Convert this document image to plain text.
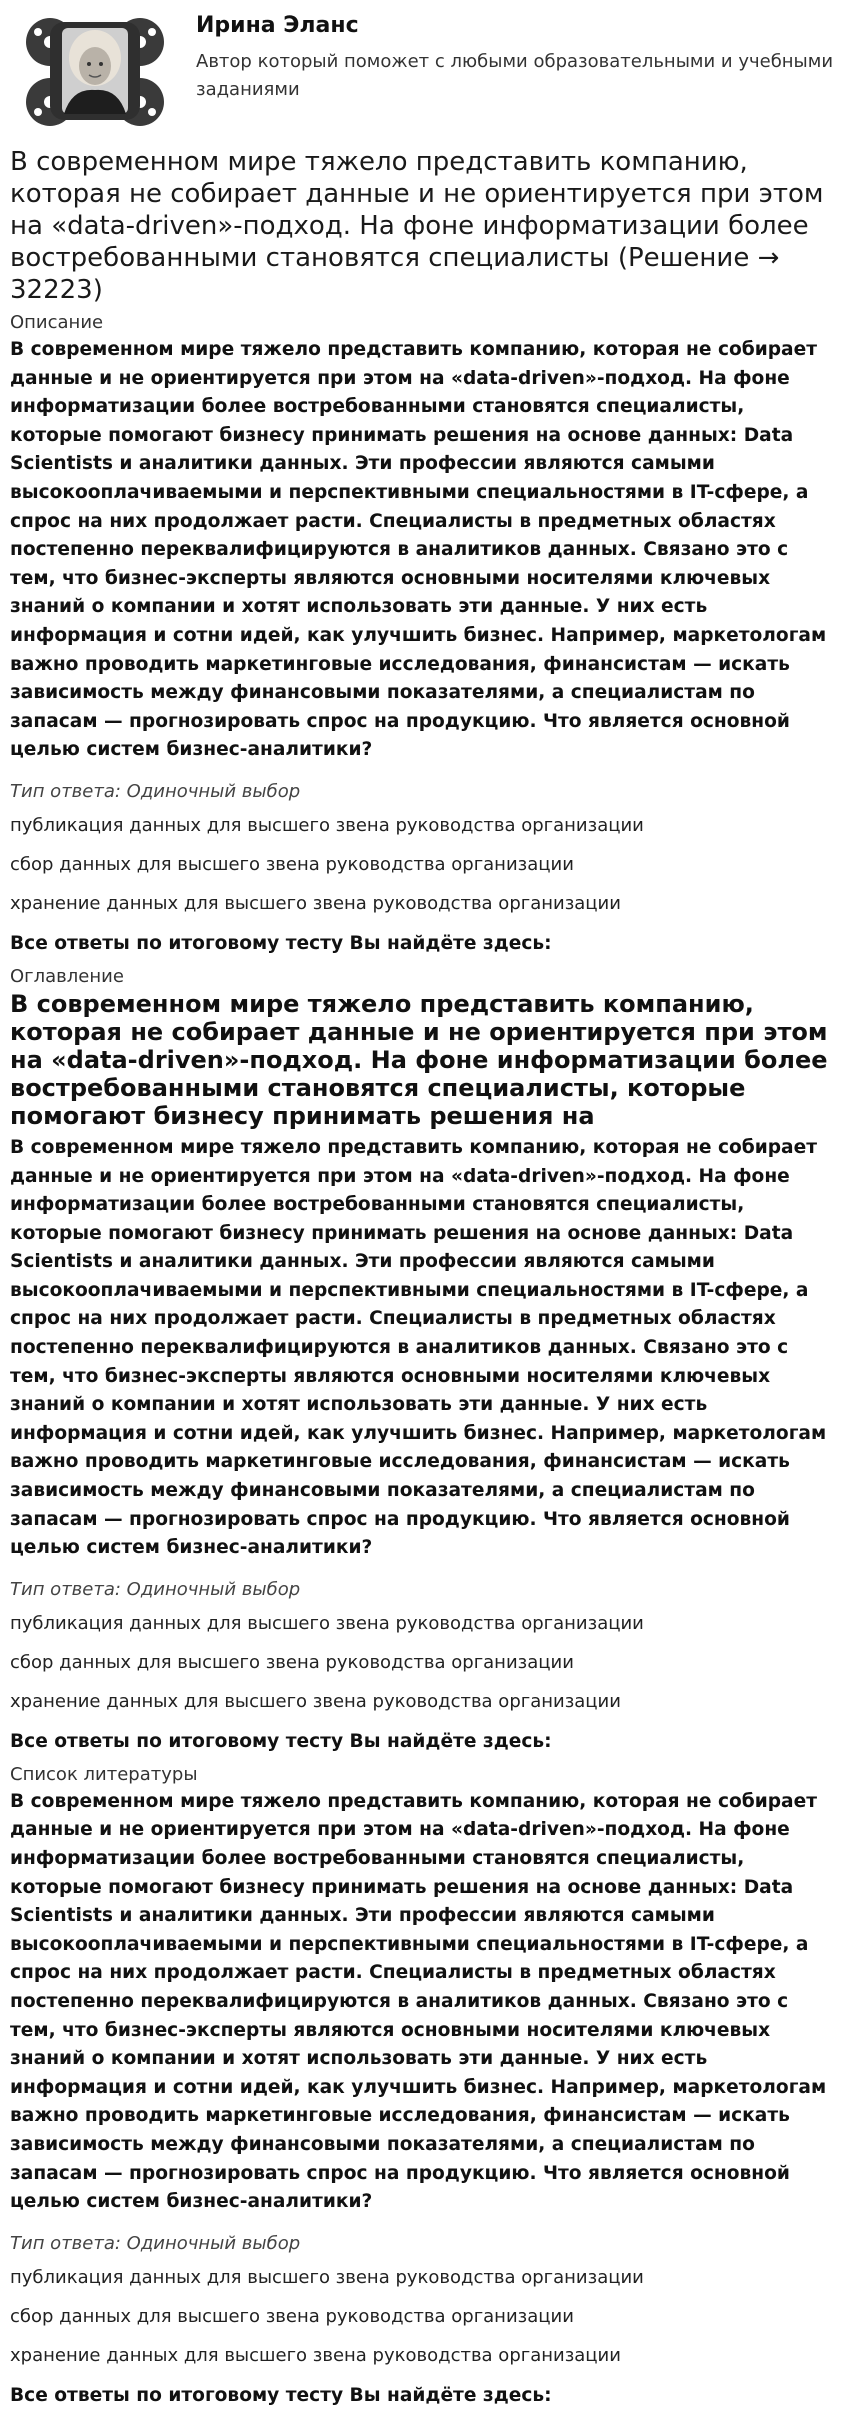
Ирина Эланс

Автор который поможет с любыми образовательными и учебными заданиями

В современном мире тяжело представить компанию, которая не собирает данные и не ориентируется при этом на «data-driven»-подход. На фоне информатизации более востребованными становятся специалисты (Решение → 32223)

Описание

В современном мире тяжело представить компанию, которая не собирает данные и не ориентируется при этом на «data-driven»-подход. На фоне информатизации более востребованными становятся специалисты, которые помогают бизнесу принимать решения на основе данных: Data Scientists и аналитики данных. Эти профессии являются самыми высокооплачиваемыми и перспективными специальностями в IT-сфере, а спрос на них продолжает расти. Специалисты в предметных областях постепенно переквалифицируются в аналитиков данных. Связано это с тем, что бизнес-эксперты являются основными носителями ключевых знаний о компании и хотят использовать эти данные. У них есть информация и сотни идей, как улучшить бизнес. Например, маркетологам важно проводить маркетинговые исследования, финансистам — искать зависимость между финансовыми показателями, а специалистам по запасам — прогнозировать спрос на продукцию. Что является основной целью систем бизнес-аналитики?

Тип ответа: Одиночный выбор

публикация данных для высшего звена руководства организации

сбор данных для высшего звена руководства организации

хранение данных для высшего звена руководства организации

Все ответы по итоговому тесту Вы найдёте здесь:

Оглавление

В современном мире тяжело представить компанию, которая не собирает данные и не ориентируется при этом на «data-driven»-подход. На фоне информатизации более востребованными становятся специалисты, которые помогают бизнесу принимать решения на

В современном мире тяжело представить компанию, которая не собирает данные и не ориентируется при этом на «data-driven»-подход. На фоне информатизации более востребованными становятся специалисты, которые помогают бизнесу принимать решения на основе данных: Data Scientists и аналитики данных. Эти профессии являются самыми высокооплачиваемыми и перспективными специальностями в IT-сфере, а спрос на них продолжает расти. Специалисты в предметных областях постепенно переквалифицируются в аналитиков данных. Связано это с тем, что бизнес-эксперты являются основными носителями ключевых знаний о компании и хотят использовать эти данные. У них есть информация и сотни идей, как улучшить бизнес. Например, маркетологам важно проводить маркетинговые исследования, финансистам — искать зависимость между финансовыми показателями, а специалистам по запасам — прогнозировать спрос на продукцию. Что является основной целью систем бизнес-аналитики?

Тип ответа: Одиночный выбор

публикация данных для высшего звена руководства организации

сбор данных для высшего звена руководства организации

хранение данных для высшего звена руководства организации

Все ответы по итоговому тесту Вы найдёте здесь:

Список литературы

В современном мире тяжело представить компанию, которая не собирает данные и не ориентируется при этом на «data-driven»-подход. На фоне информатизации более востребованными становятся специалисты, которые помогают бизнесу принимать решения на основе данных: Data Scientists и аналитики данных. Эти профессии являются самыми высокооплачиваемыми и перспективными специальностями в IT-сфере, а спрос на них продолжает расти. Специалисты в предметных областях постепенно переквалифицируются в аналитиков данных. Связано это с тем, что бизнес-эксперты являются основными носителями ключевых знаний о компании и хотят использовать эти данные. У них есть информация и сотни идей, как улучшить бизнес. Например, маркетологам важно проводить маркетинговые исследования, финансистам — искать зависимость между финансовыми показателями, а специалистам по запасам — прогнозировать спрос на продукцию. Что является основной целью систем бизнес-аналитики?

Тип ответа: Одиночный выбор

публикация данных для высшего звена руководства организации

сбор данных для высшего звена руководства организации

хранение данных для высшего звена руководства организации

Все ответы по итоговому тесту Вы найдёте здесь:
